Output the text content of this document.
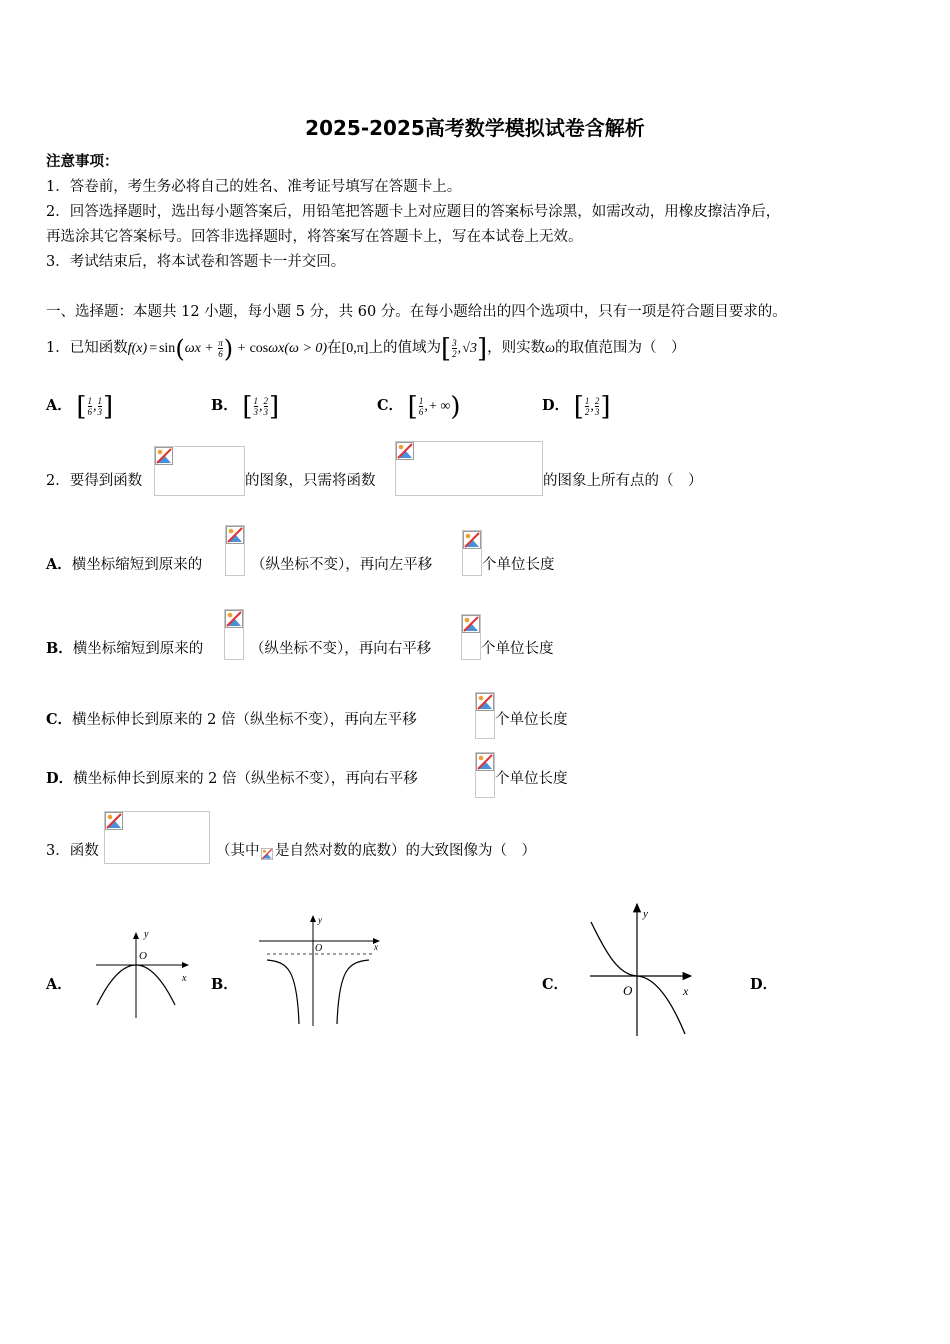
2025-2025高考数学模拟试卷含解析
注意事项：
1．答卷前，考生务必将自己的姓名、准考证号填写在答题卡上。
2．回答选择题时，选出每小题答案后，用铅笔把答题卡上对应题目的答案标号涂黑，如需改动，用橡皮擦洁净后，
再选涂其它答案标号。回答非选择题时，将答案写在答题卡上，写在本试卷上无效。
3．考试结束后，将本试卷和答题卡一并交回。
一、选择题：本题共 12 小题，每小题 5 分，共 60 分。在每小题给出的四个选项中，只有一项是符合题目要求的。
1．已知函数f(x) = $\sin(\omega x + \frac{\pi}{6}$ ) + cosωx(ω > 0)在[0,π]上的值域为[ $\frac{3}{2}$ , √3]，则实数ω的取值范围为（　）
A． [ $\frac{1}{6}$ , $\frac{1}{3}$ ]	B． [ $\frac{1}{3}$ , $\frac{2}{3}$ ]	C． [ $\frac{1}{6}$ , + ∞)	D． [ $\frac{1}{2}$ , $\frac{2}{3}$ ]
2．要得到函数	的图象，只需将函数	的图象上所有点的（　）
A．横坐标缩短到原来的	（纵坐标不变），再向左平移	个单位长度
B．横坐标缩短到原来的	（纵坐标不变），再向右平移	个单位长度
C．横坐标伸长到原来的 2 倍（纵坐标不变），再向左平移	个单位长度
D．横坐标伸长到原来的 2 倍（纵坐标不变），再向右平移	个单位长度
3．函数	（其中 是自然对数的底数）的大致图像为（　）
A．	B．	C．	D．
y
O
x
y
O	x
y
O	x
